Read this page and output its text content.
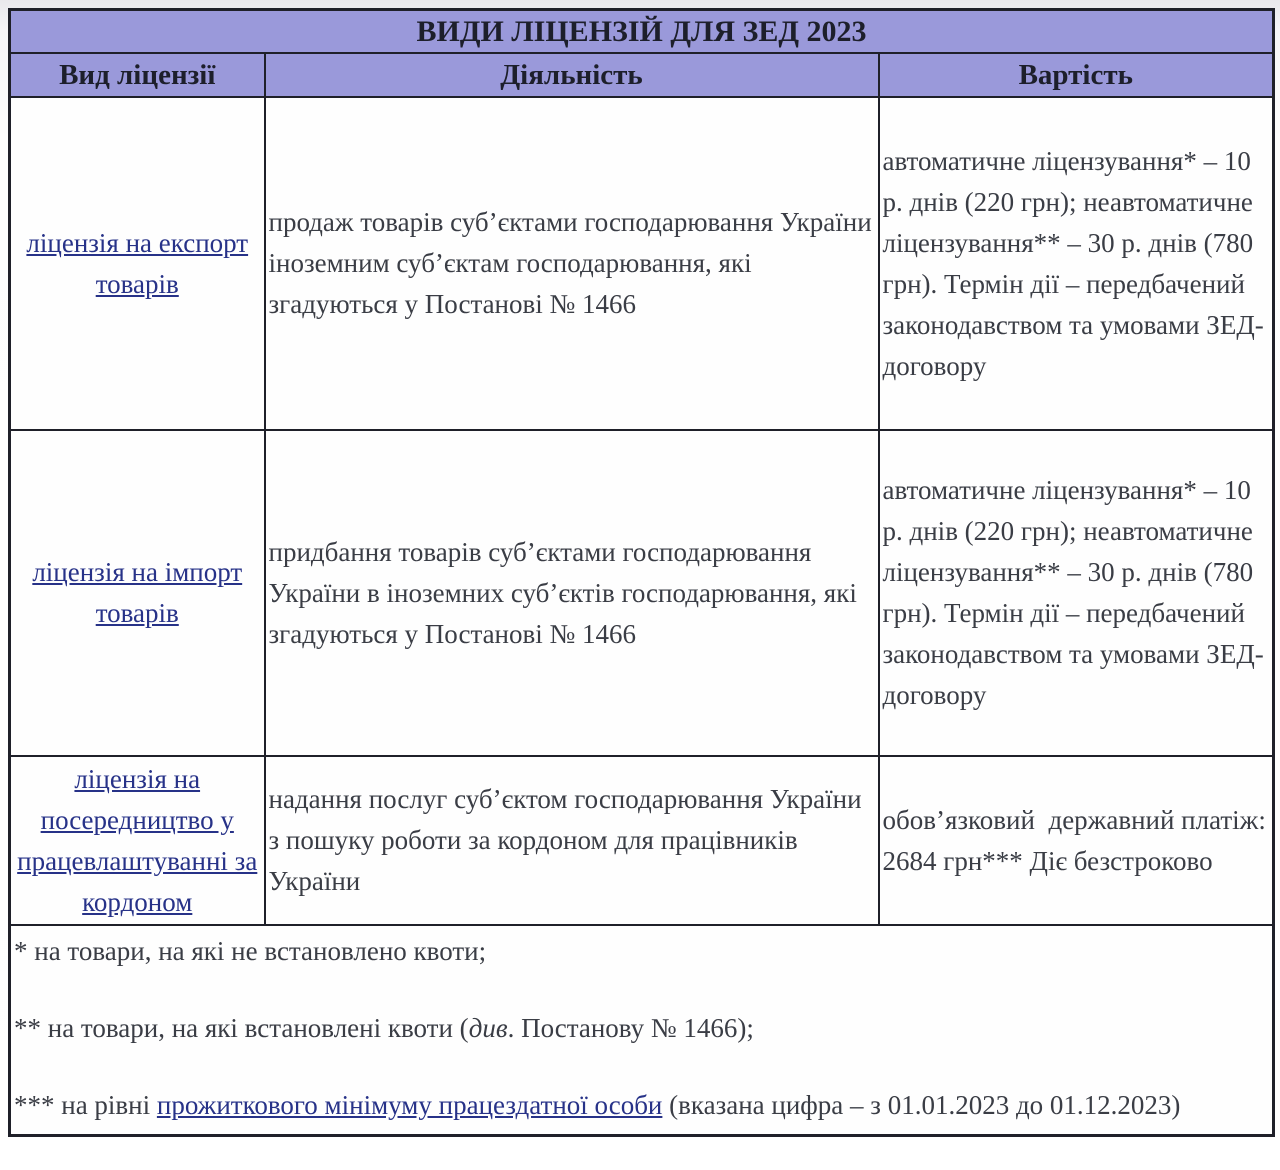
ВИДИ ЛІЦЕНЗІЙ ДЛЯ ЗЕД 2023		
Вид ліцензії	Діяльність	Вартість
ліцензія на експорт товарів	продаж товарів суб’єктами господарювання України іноземним суб’єктам господарювання, які згадуються у Постанові № 1466	автоматичне ліцензування* – 10 р. днів (220 грн); неавтоматичне ліцензування** – 30 р. днів (780 грн). Термін дії – передбачений законодавством та умовами ЗЕД-договору
ліцензія на імпорт товарів	придбання товарів суб’єктами господарювання України в іноземних суб’єктів господарювання, які згадуються у Постанові № 1466	автоматичне ліцензування* – 10 р. днів (220 грн); неавтоматичне ліцензування** – 30 р. днів (780 грн). Термін дії – передбачений законодавством та умовами ЗЕД-договору
ліцензія на посередництво у працевлаштуванні за кордоном	надання послуг суб’єктом господарювання України з пошуку роботи за кордоном для працівників України	обов’язковий  державний платіж: 2684 грн*** Діє безстроково

* на товари, на які не встановлено квоти;

** на товари, на які встановлені квоти (див. Постанову № 1466);

*** на рівні прожиткового мінімуму працездатної особи (вказана цифра – з 01.01.2023 до 01.12.2023)		
